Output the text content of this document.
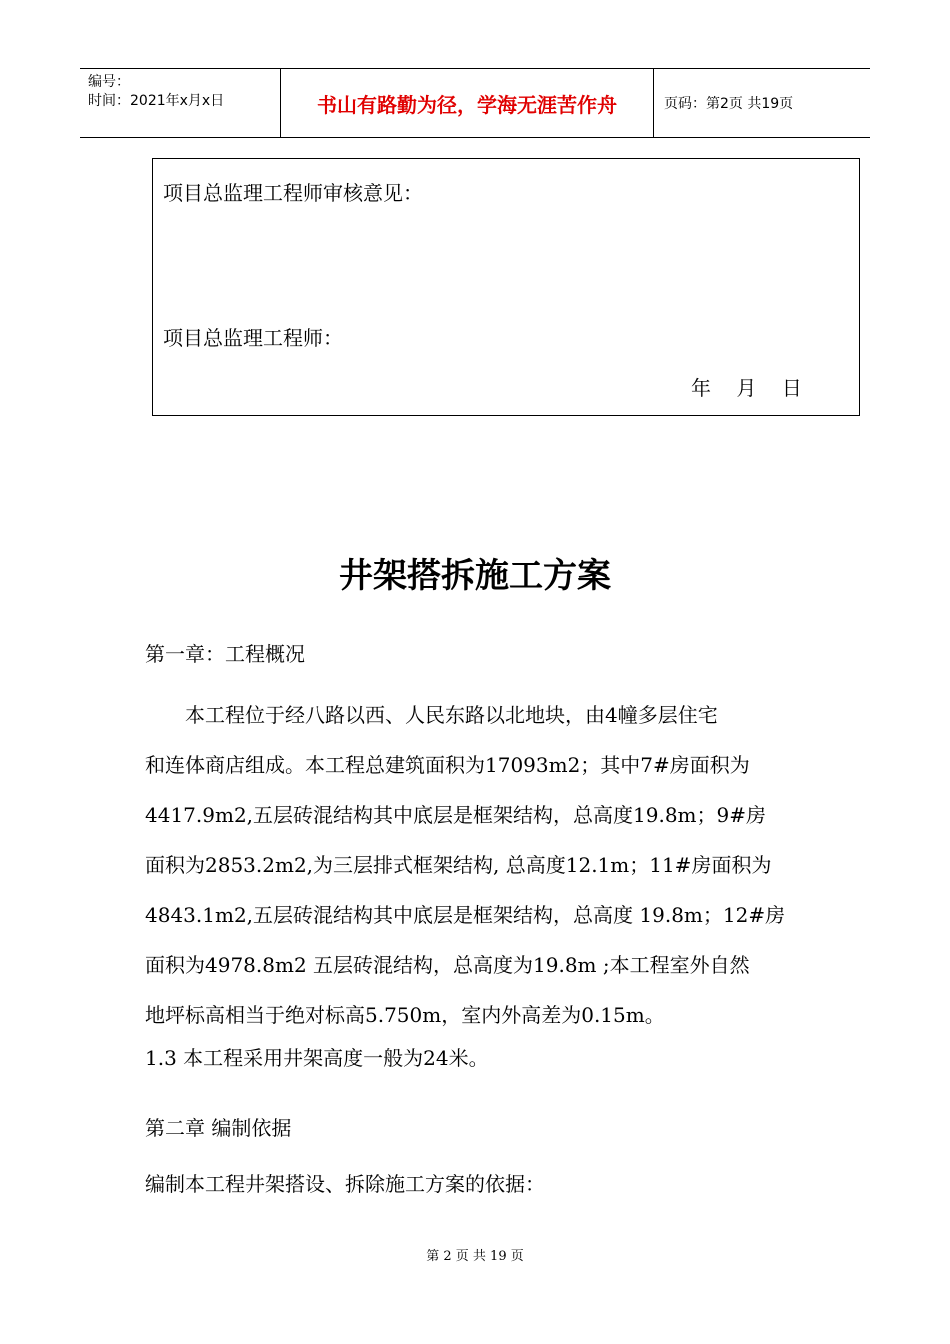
编号：
时间：2021年x月x日	书山有路勤为径，学海无涯苦作舟	页码：第2页 共19页

项目总监理工程师审核意见：

项目总监理工程师：

年    月    日

井架搭拆施工方案

第一章：工程概况

　　本工程位于经八路以西、人民东路以北地块，由4幢多层住宅
和连体商店组成。本工程总建筑面积为17093m2；其中7#房面积为
4417.9m2,五层砖混结构其中底层是框架结构，总高度19.8m；9#房
面积为2853.2m2,为三层排式框架结构, 总高度12.1m；11#房面积为
4843.1m2,五层砖混结构其中底层是框架结构，总高度 19.8m；12#房
面积为4978.8m2 五层砖混结构，总高度为19.8m ;本工程室外自然
地坪标高相当于绝对标高5.750m，室内外高差为0.15m。

1.3 本工程采用井架高度一般为24米。

第二章 编制依据

编制本工程井架搭设、拆除施工方案的依据：

第 2 页 共 19 页
